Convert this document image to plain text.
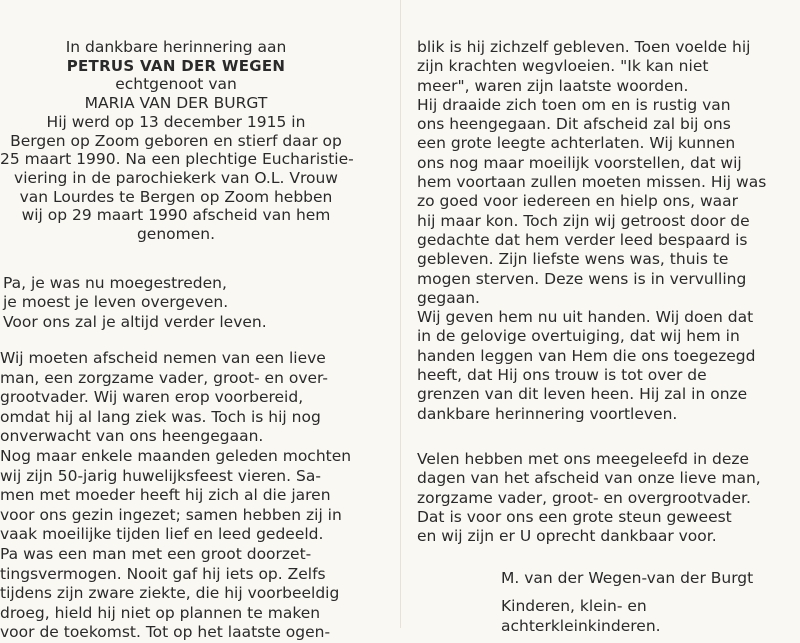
In dankbare herinnering aan
PETRUS VAN DER WEGEN
echtgenoot van
MARIA VAN DER BURGT
Hij werd op 13 december 1915 in
Bergen op Zoom geboren en stierf daar op
25 maart 1990. Na een plechtige Eucharistie-
viering in de parochiekerk van O.L. Vrouw
van Lourdes te Bergen op Zoom hebben
wij op 29 maart 1990 afscheid van hem
genomen.
Pa, je was nu moegestreden,
je moest je leven overgeven.
Voor ons zal je altijd verder leven.
Wij moeten afscheid nemen van een lieve
man, een zorgzame vader, groot- en over-
grootvader. Wij waren erop voorbereid,
omdat hij al lang ziek was. Toch is hij nog
onverwacht van ons heengegaan.
Nog maar enkele maanden geleden mochten
wij zijn 50-jarig huwelijksfeest vieren. Sa-
men met moeder heeft hij zich al die jaren
voor ons gezin ingezet; samen hebben zij in
vaak moeilijke tijden lief en leed gedeeld.
Pa was een man met een groot doorzet-
tingsvermogen. Nooit gaf hij iets op. Zelfs
tijdens zijn zware ziekte, die hij voorbeeldig
droeg, hield hij niet op plannen te maken
voor de toekomst. Tot op het laatste ogen-
blik is hij zichzelf gebleven. Toen voelde hij
zijn krachten wegvloeien. "Ik kan niet
meer", waren zijn laatste woorden.
Hij draaide zich toen om en is rustig van
ons heengegaan. Dit afscheid zal bij ons
een grote leegte achterlaten. Wij kunnen
ons nog maar moeilijk voorstellen, dat wij
hem voortaan zullen moeten missen. Hij was
zo goed voor iedereen en hielp ons, waar
hij maar kon. Toch zijn wij getroost door de
gedachte dat hem verder leed bespaard is
gebleven. Zijn liefste wens was, thuis te
mogen sterven. Deze wens is in vervulling
gegaan.
Wij geven hem nu uit handen. Wij doen dat
in de gelovige overtuiging, dat wij hem in
handen leggen van Hem die ons toegezegd
heeft, dat Hij ons trouw is tot over de
grenzen van dit leven heen. Hij zal in onze
dankbare herinnering voortleven.
Velen hebben met ons meegeleefd in deze
dagen van het afscheid van onze lieve man,
zorgzame vader, groot- en overgrootvader.
Dat is voor ons een grote steun geweest
en wij zijn er U oprecht dankbaar voor.
M. van der Wegen-van der Burgt
Kinderen, klein- en
achterkleinkinderen.
